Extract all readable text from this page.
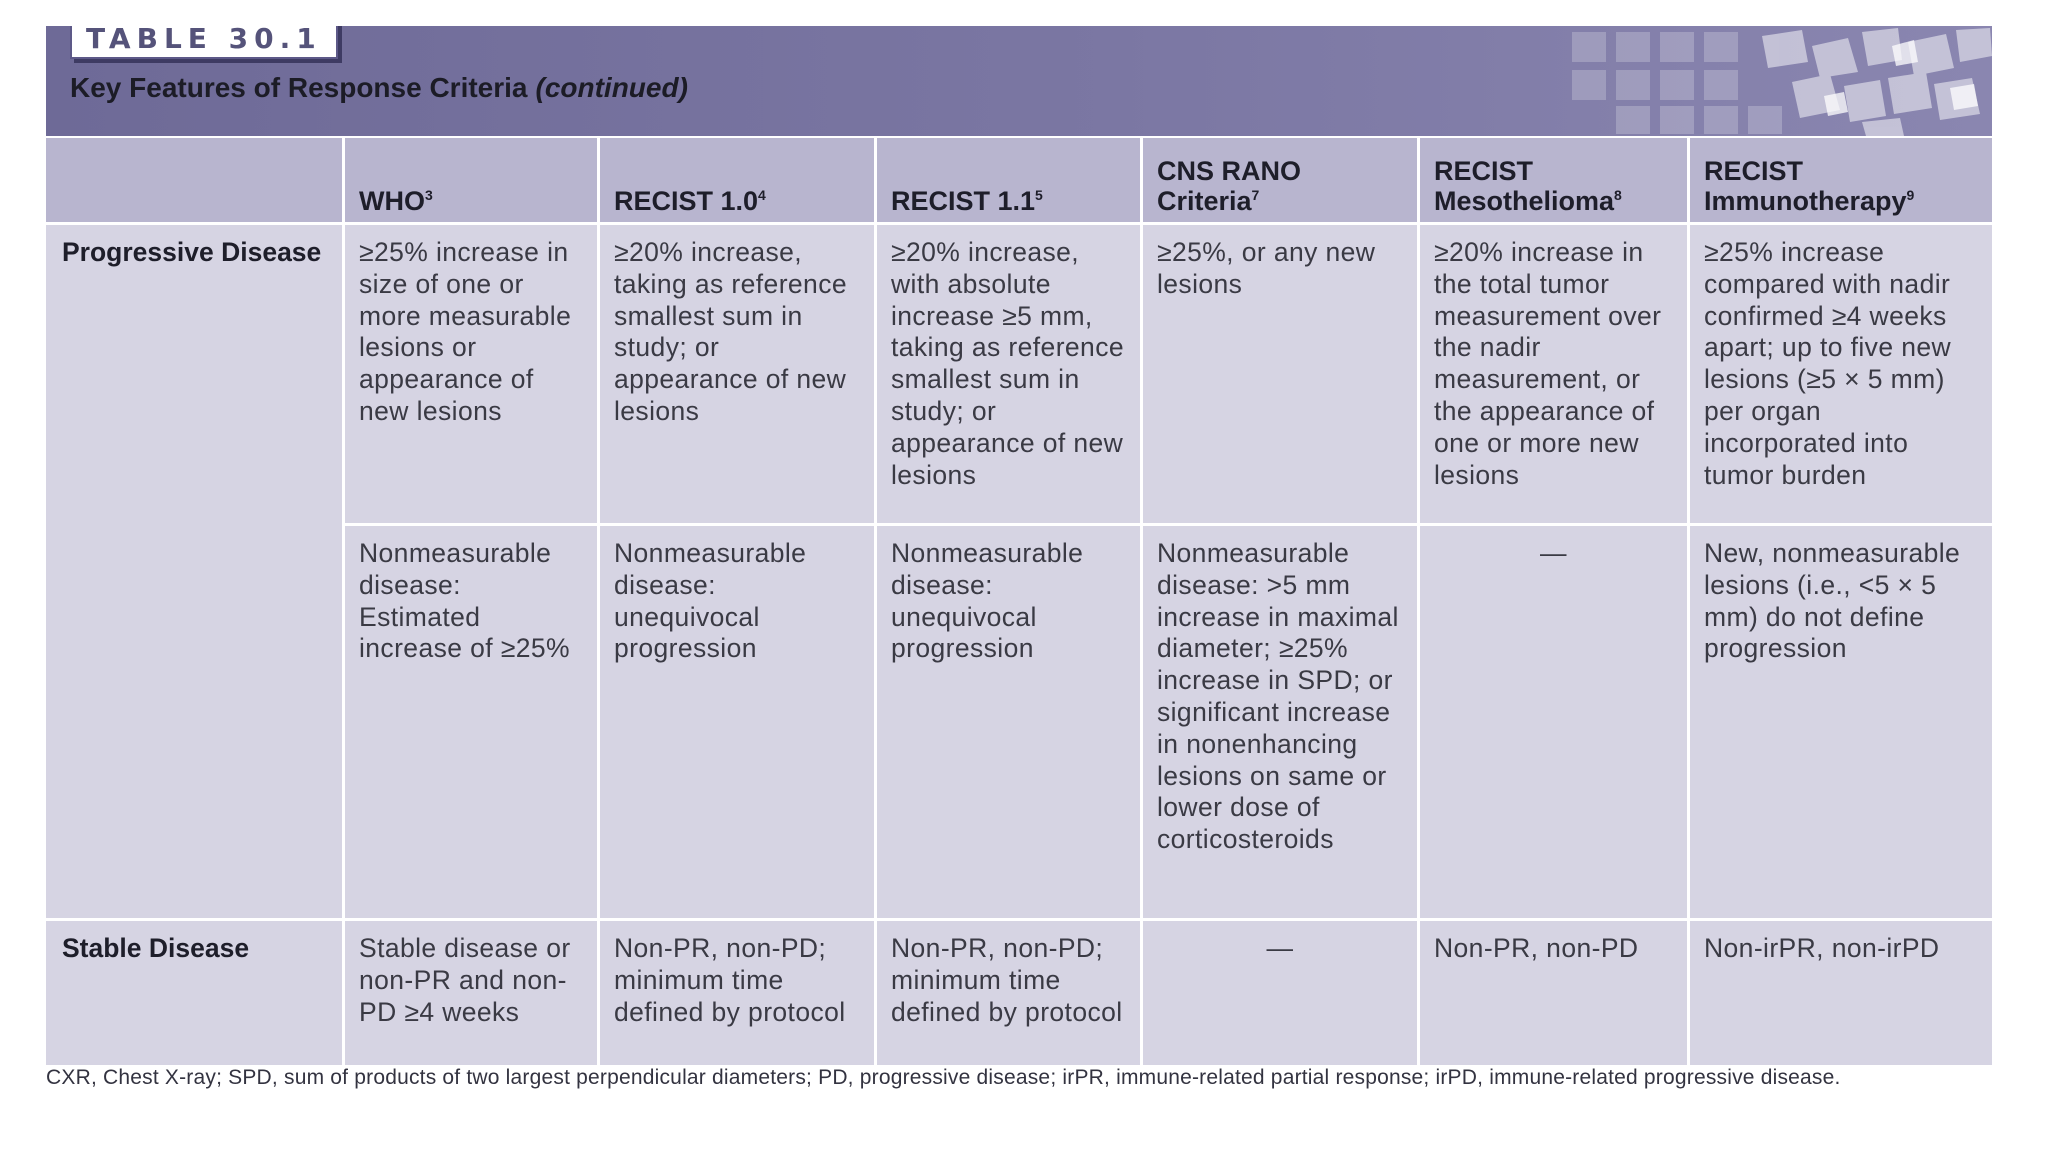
TABLE 30.1
Key Features of Response Criteria (continued)
	WHO$^3$	RECIST $1.0^4$	RECIST $1.1^5$	CNS RANO Criteria$^7$	RECIST Mesothelioma$^8$	RECIST Immunotherapy$^9$
Progressive Disease	≥25% increase in size of one or more measurable lesions or appearance of new lesions	≥20% increase, taking as reference smallest sum in study; or appearance of new lesions	≥20% increase, with absolute increase ≥5 mm, taking as reference smallest sum in study; or appearance of new lesions	≥25%, or any new lesions	≥20% increase in the total tumor measurement over the nadir measurement, or the appearance of one or more new lesions	≥25% increase compared with nadir confirmed ≥4 weeks apart; up to five new lesions (≥5 × 5 mm) per organ incorporated into tumor burden
	Nonmeasurable disease: Estimated increase of ≥25%	Nonmeasurable disease: unequivocal progression	Nonmeasurable disease: unequivocal progression	Nonmeasurable disease: >5 mm increase in maximal diameter; ≥25% increase in SPD; or significant increase in nonenhancing lesions on same or lower dose of corticosteroids	—	New, nonmeasurable lesions (i.e., <5 × 5 mm) do not define progression
Stable Disease	Stable disease or non-PR and non-PD ≥4 weeks	Non-PR, non-PD; minimum time defined by protocol	Non-PR, non-PD; minimum time defined by protocol	—	Non-PR, non-PD	Non-irPR, non-irPD
CXR, Chest X-ray; SPD, sum of products of two largest perpendicular diameters; PD, progressive disease; irPR, immune-related partial response; irPD, immune-related progressive disease.
